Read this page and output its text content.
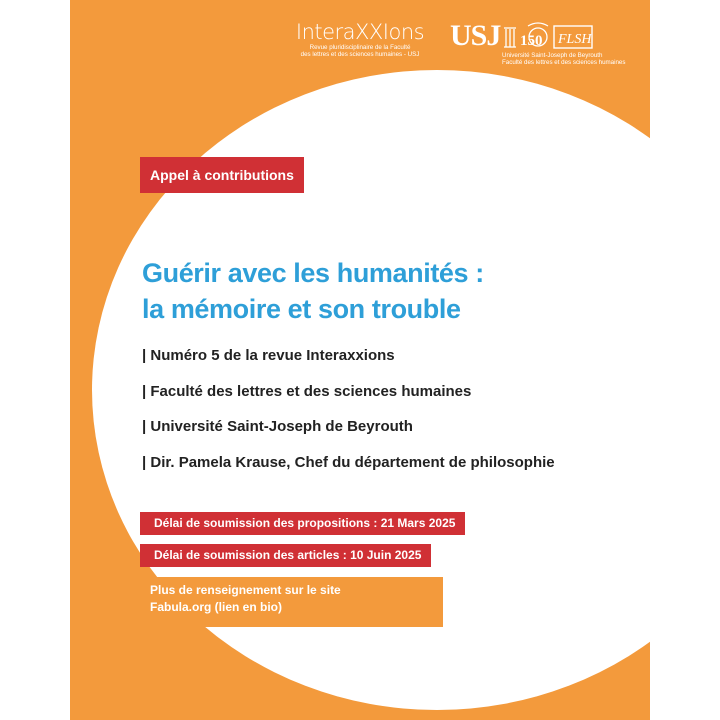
InteraXXIons
Revue pluridisciplinaire de la Faculté
des lettres et des sciences humaines - USJ
USJ 150 FLSH
Université Saint-Joseph de Beyrouth
Faculté des lettres et des sciences humaines
Appel à contributions
Guérir avec les humanités :
la mémoire et son trouble
| Numéro 5 de la revue Interaxxions
| Faculté des lettres et des sciences humaines
| Université Saint-Joseph de Beyrouth
| Dir. Pamela Krause, Chef du département de philosophie
Délai de soumission des propositions : 21 Mars 2025
Délai de soumission des articles : 10 Juin 2025
Plus de renseignement sur le site
Fabula.org (lien en bio)
